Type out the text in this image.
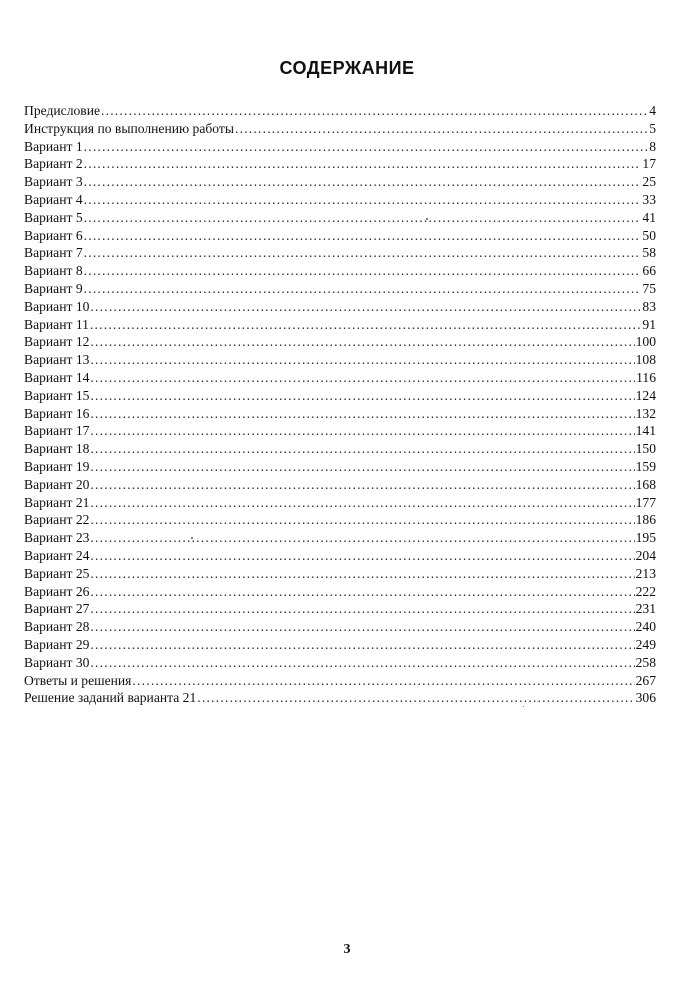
СОДЕРЖАНИЕ
Предисловие .....	4
Инструкция по выполнению работы .....	5
Вариант 1 .....	8
Вариант 2 .....	17
Вариант 3 .....	25
Вариант 4 .....	33
Вариант 5 .....	41
Вариант 6 .....	50
Вариант 7 .....	58
Вариант 8 .....	66
Вариант 9 .....	75
Вариант 10 .....	83
Вариант 11 .....	91
Вариант 12 .....	100
Вариант 13 .....	108
Вариант 14 .....	116
Вариант 15 .....	124
Вариант 16 .....	132
Вариант 17 .....	141
Вариант 18 .....	150
Вариант 19 .....	159
Вариант 20 .....	168
Вариант 21 .....	177
Вариант 22 .....	186
Вариант 23 .....	195
Вариант 24 .....	204
Вариант 25 .....	213
Вариант 26 .....	222
Вариант 27 .....	231
Вариант 28 .....	240
Вариант 29 .....	249
Вариант 30 .....	258
Ответы и решения .....	267
Решение заданий варианта 21 .....	306
3
